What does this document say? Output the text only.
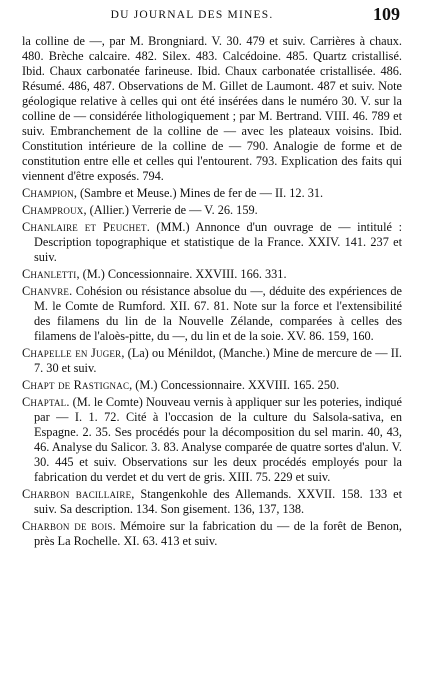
DU JOURNAL DES MINES.	109

la colline de —, par M. Brongniard. V. 30. 479 et suiv. Carrières à chaux. 480. Brèche calcaire. 482. Silex. 483. Calcédoine. 485. Quartz cristallisé. Ibid. Chaux carbonatée farineuse. Ibid. Chaux carbonatée cristallisée. 486. Résumé. 486, 487. Observations de M. Gillet de Laumont. 487 et suiv. Note géologique relative à celles qui ont été insérées dans le numéro 30. V. sur la colline de — considérée lithologiquement ; par M. Bertrand. VIII. 46. 789 et suiv. Embranchement de la colline de — avec les plateaux voisins. Ibid. Constitution intérieure de la colline de — 790. Analogie de forme et de constitution entre elle et celles qui l'entourent. 793. Explication des faits qui viennent d'être exposés. 794.

Champion, (Sambre et Meuse.) Mines de fer de — II. 12. 31.

Champroux, (Allier.) Verrerie de — V. 26. 159.

Chanlaire et Peuchet. (MM.) Annonce d'un ouvrage de — intitulé : Description topographique et statistique de la France. XXIV. 141. 237 et suiv.

Chanletti, (M.) Concessionnaire. XXVIII. 166. 331.

Chanvre. Cohésion ou résistance absolue du —, déduite des expériences de M. le Comte de Rumford. XII. 67. 81. Note sur la force et l'extensibilité des filamens du lin de la Nouvelle Zélande, comparées à celles des filamens de l'aloès-pitte, du —, du lin et de la soie. XV. 86. 159, 160.

Chapelle en Juger, (La) ou Ménildot, (Manche.) Mine de mercure de — II. 7. 30 et suiv.

Chapt de Rastignac, (M.) Concessionnaire. XXVIII. 165. 250.

Chaptal. (M. le Comte) Nouveau vernis à appliquer sur les poteries, indiqué par — I. 1. 72. Cité à l'occasion de la culture du Salsola-sativa, en Espagne. 2. 35. Ses procédés pour la décomposition du sel marin. 40, 43, 46. Analyse du Salicor. 3. 83. Analyse comparée de quatre sortes d'alun. V. 30. 445 et suiv. Observations sur les deux procédés employés pour la fabrication du verdet et du vert de gris. XIII. 75. 229 et suiv.

Charbon bacillaire, Stangenkohle des Allemands. XXVII. 158. 133 et suiv. Sa description. 134. Son gisement. 136, 137, 138.

Charbon de bois. Mémoire sur la fabrication du — de la forêt de Benon, près La Rochelle. XI. 63. 413 et suiv.
